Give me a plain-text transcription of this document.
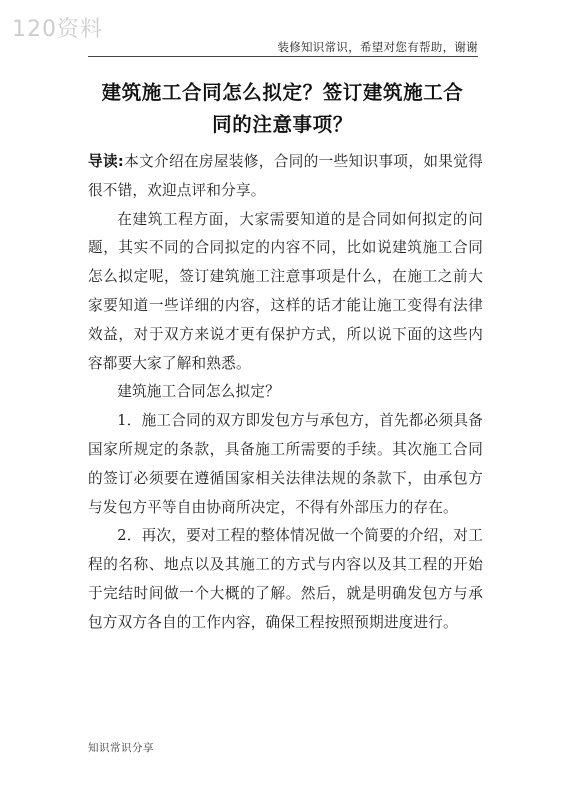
120资料
装修知识常识，希望对您有帮助，谢谢
建筑施工合同怎么拟定？签订建筑施工合
同的注意事项？

导读:本文介绍在房屋装修，合同的一些知识事项，如果觉得很不错，欢迎点评和分享。

在建筑工程方面，大家需要知道的是合同如何拟定的问题，其实不同的合同拟定的内容不同，比如说建筑施工合同怎么拟定呢，签订建筑施工注意事项是什么，在施工之前大家要知道一些详细的内容，这样的话才能让施工变得有法律效益，对于双方来说才更有保护方式，所以说下面的这些内容都要大家了解和熟悉。

建筑施工合同怎么拟定？

1．施工合同的双方即发包方与承包方，首先都必须具备国家所规定的条款，具备施工所需要的手续。其次施工合同的签订必须要在遵循国家相关法律法规的条款下，由承包方与发包方平等自由协商所决定，不得有外部压力的存在。

2．再次，要对工程的整体情况做一个简要的介绍，对工程的名称、地点以及其施工的方式与内容以及其工程的开始于完结时间做一个大概的了解。然后，就是明确发包方与承包方双方各自的工作内容，确保工程按照预期进度进行。

知识常识分享
